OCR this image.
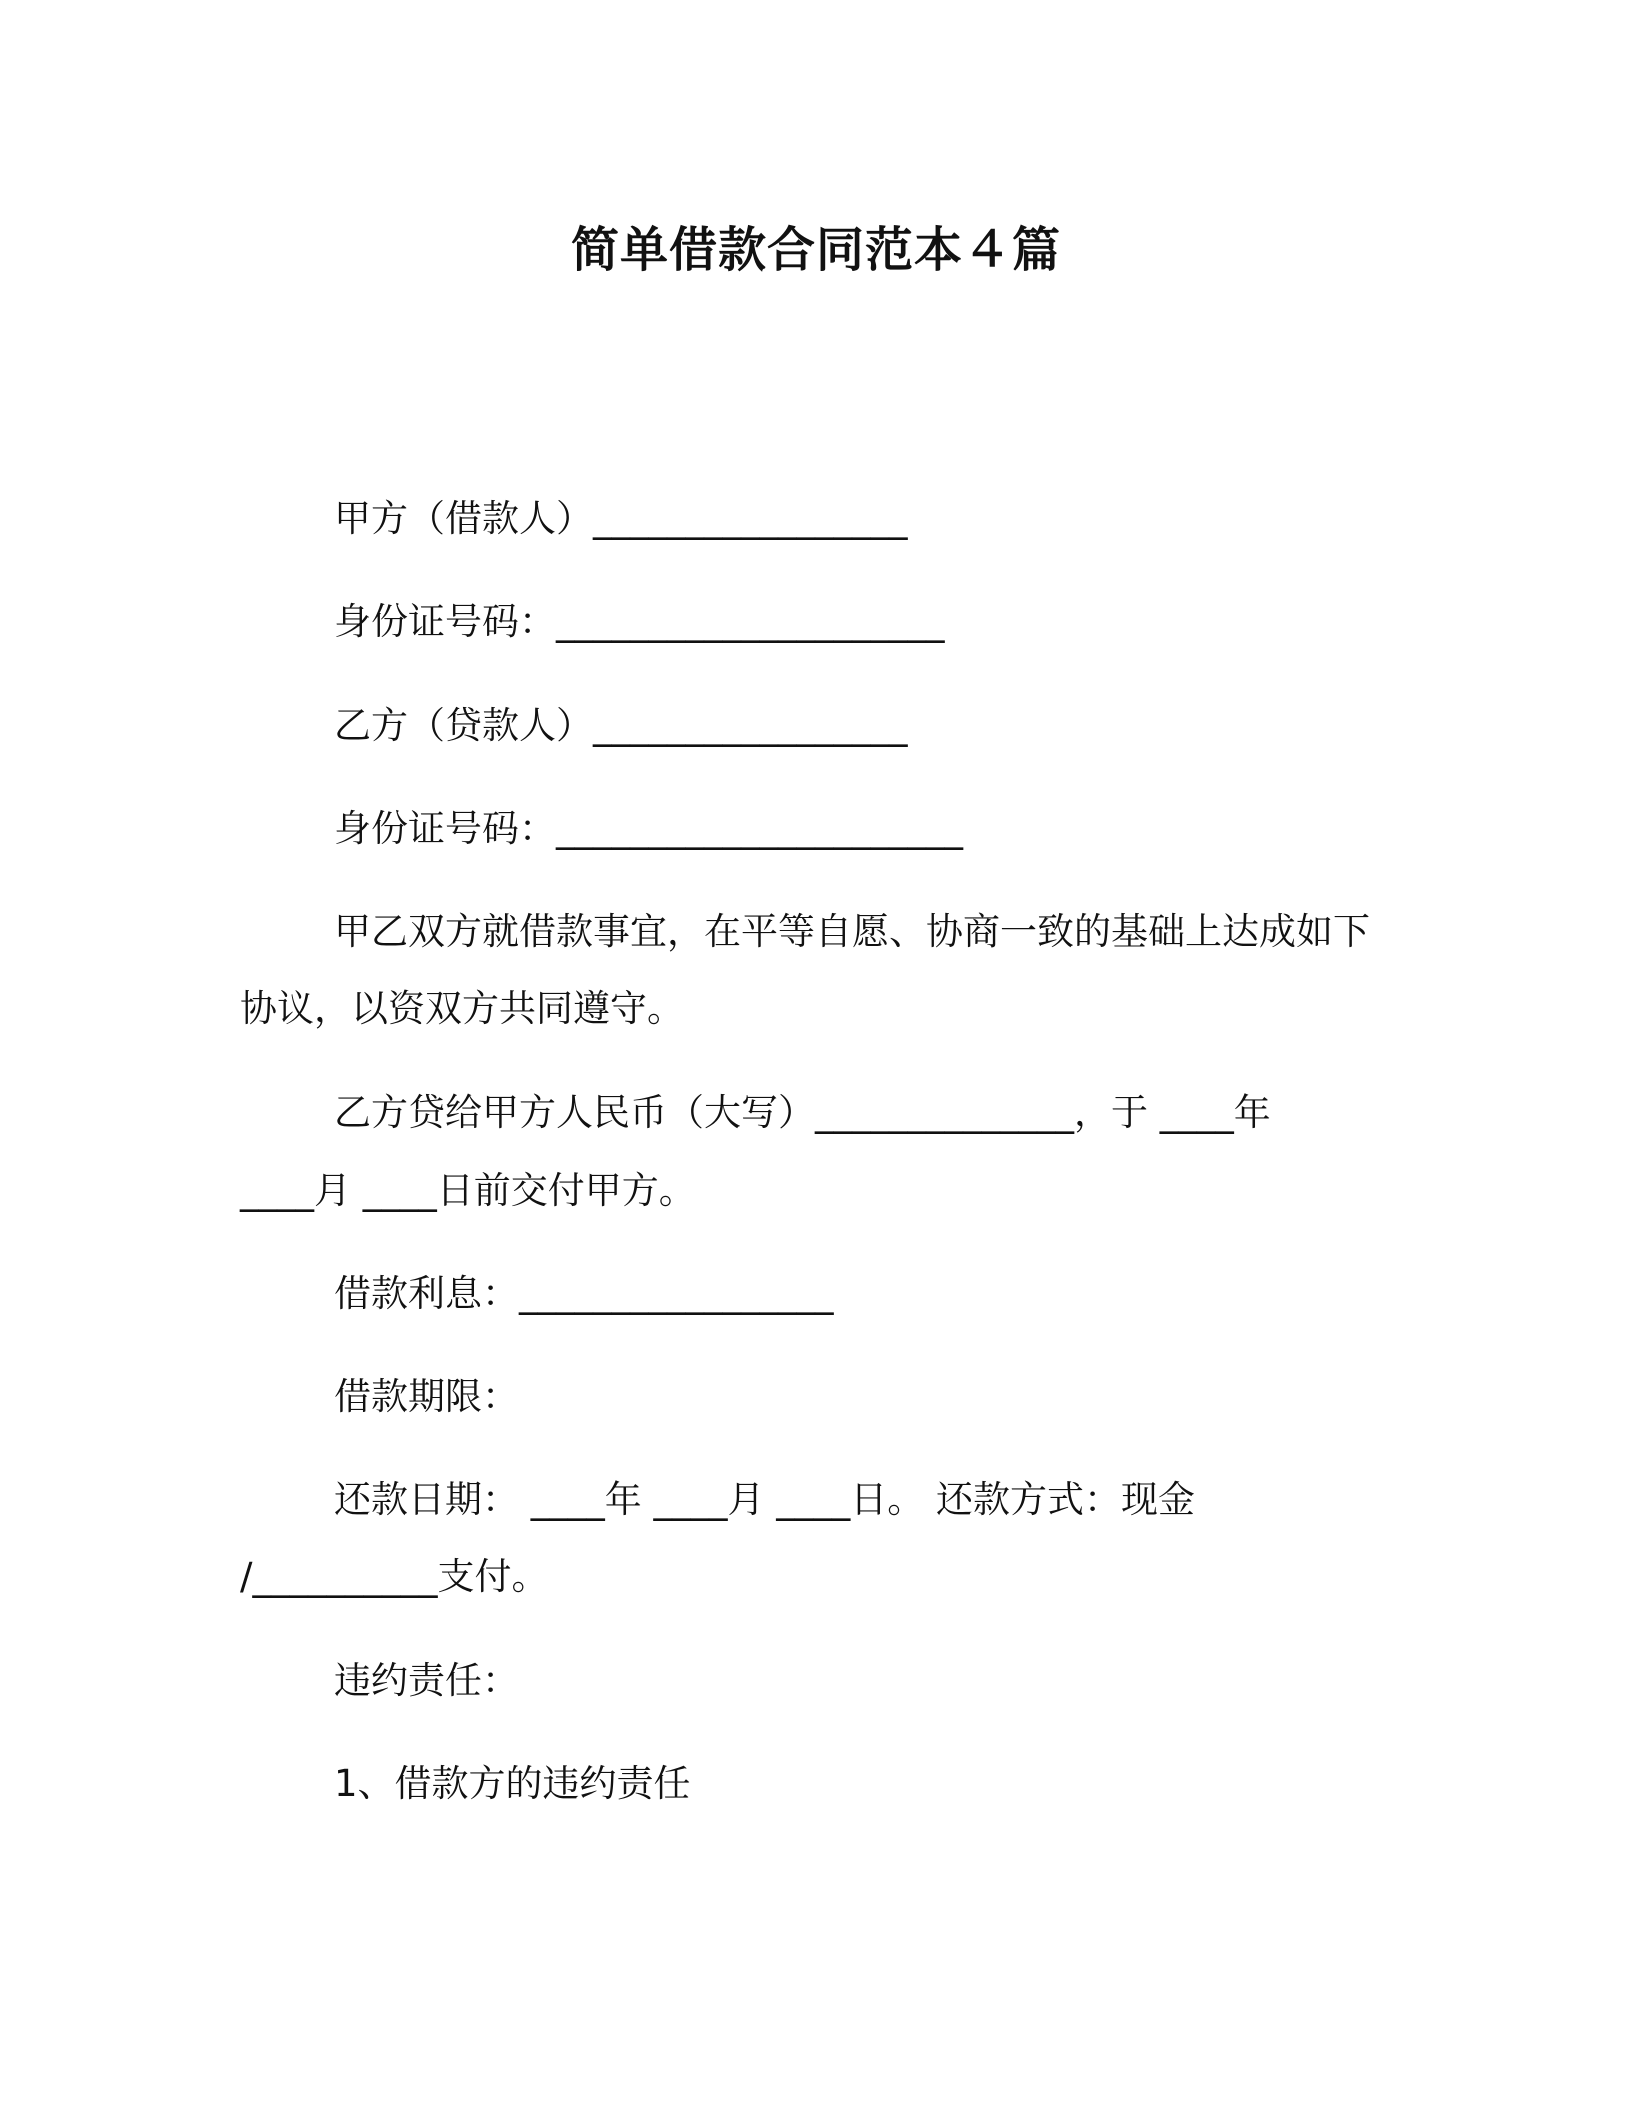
简单借款合同范本４篇
甲方（借款人）_________________
身份证号码：_____________________
乙方（贷款人）_________________
身份证号码：______________________
甲乙双方就借款事宜，在平等自愿、协商一致的基础上达成如下
协议，以资双方共同遵守。
乙方贷给甲方人民币（大写）______________，于 ____年
____月 ____日前交付甲方。
借款利息：_________________
借款期限：
还款日期： ____年 ____月 ____日。 还款方式：现金
/__________支付。
违约责任：
1、借款方的违约责任
